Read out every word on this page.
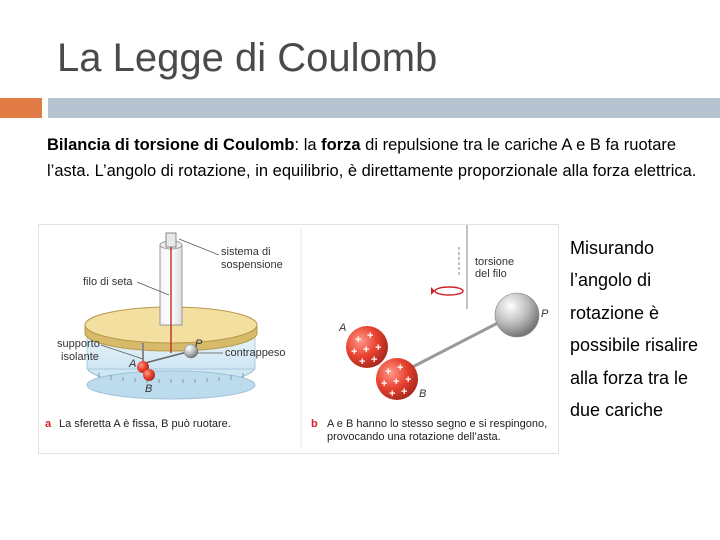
La Legge di Coulomb
Bilancia di torsione di Coulomb: la forza di repulsione tra le cariche A e B fa ruotare l’asta. L’angolo di rotazione, in equilibrio, è direttamente proporzionale alla forza elettrica.
sistema di
sospensione
filo di seta
supporto
isolante	contrappeso
A
B
P
a La sferetta A è fissa, B può ruotare.
+ +
+ + +
+ +
+ +
+ + +
+ +
torsione
del filo
A
B
P
b A e B hanno lo stesso segno e si respingono,
provocando una rotazione dell’asta.
Misurando l’angolo di rotazione è possibile risalire alla forza tra le due cariche
